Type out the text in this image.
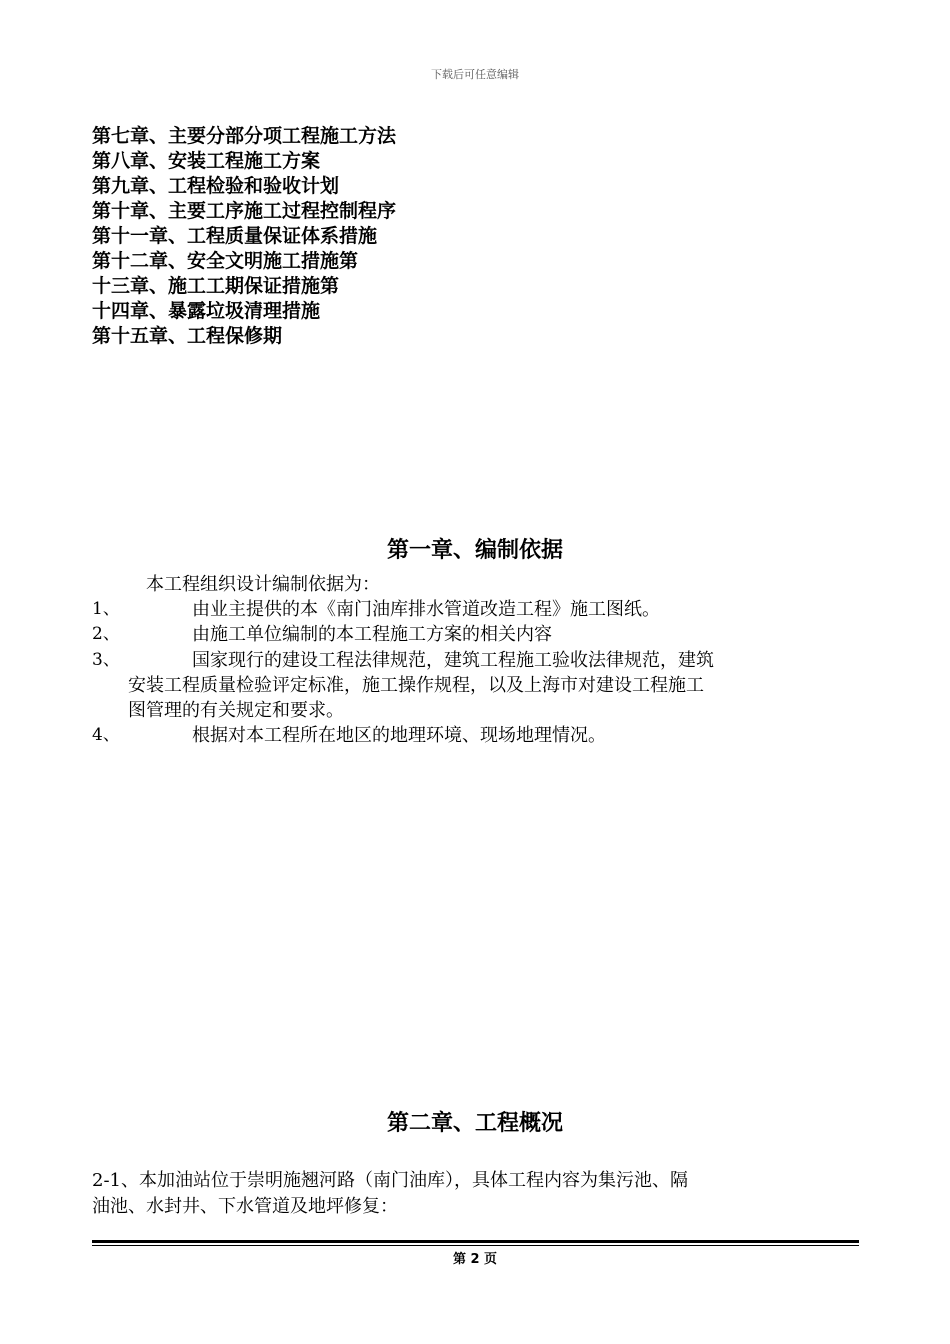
下载后可任意编辑
第七章、主要分部分项工程施工方法
第八章、安装工程施工方案
第九章、工程检验和验收计划
第十章、主要工序施工过程控制程序
第十一章、工程质量保证体系措施
第十二章、安全文明施工措施第
十三章、施工工期保证措施第
十四章、暴露垃圾清理措施
第十五章、工程保修期
第一章、编制依据
本工程组织设计编制依据为：
1、	由业主提供的本《南门油库排水管道改造工程》施工图纸。
2、	由施工单位编制的本工程施工方案的相关内容
3、	国家现行的建设工程法律规范，建筑工程施工验收法律规范，建筑
安装工程质量检验评定标准，施工操作规程，以及上海市对建设工程施工
图管理的有关规定和要求。
4、	根据对本工程所在地区的地理环境、现场地理情况。
第二章、工程概况
2-1、本加油站位于崇明施翘河路（南门油库），具体工程内容为集污池、隔
油池、水封井、下水管道及地坪修复：
第 2 页
